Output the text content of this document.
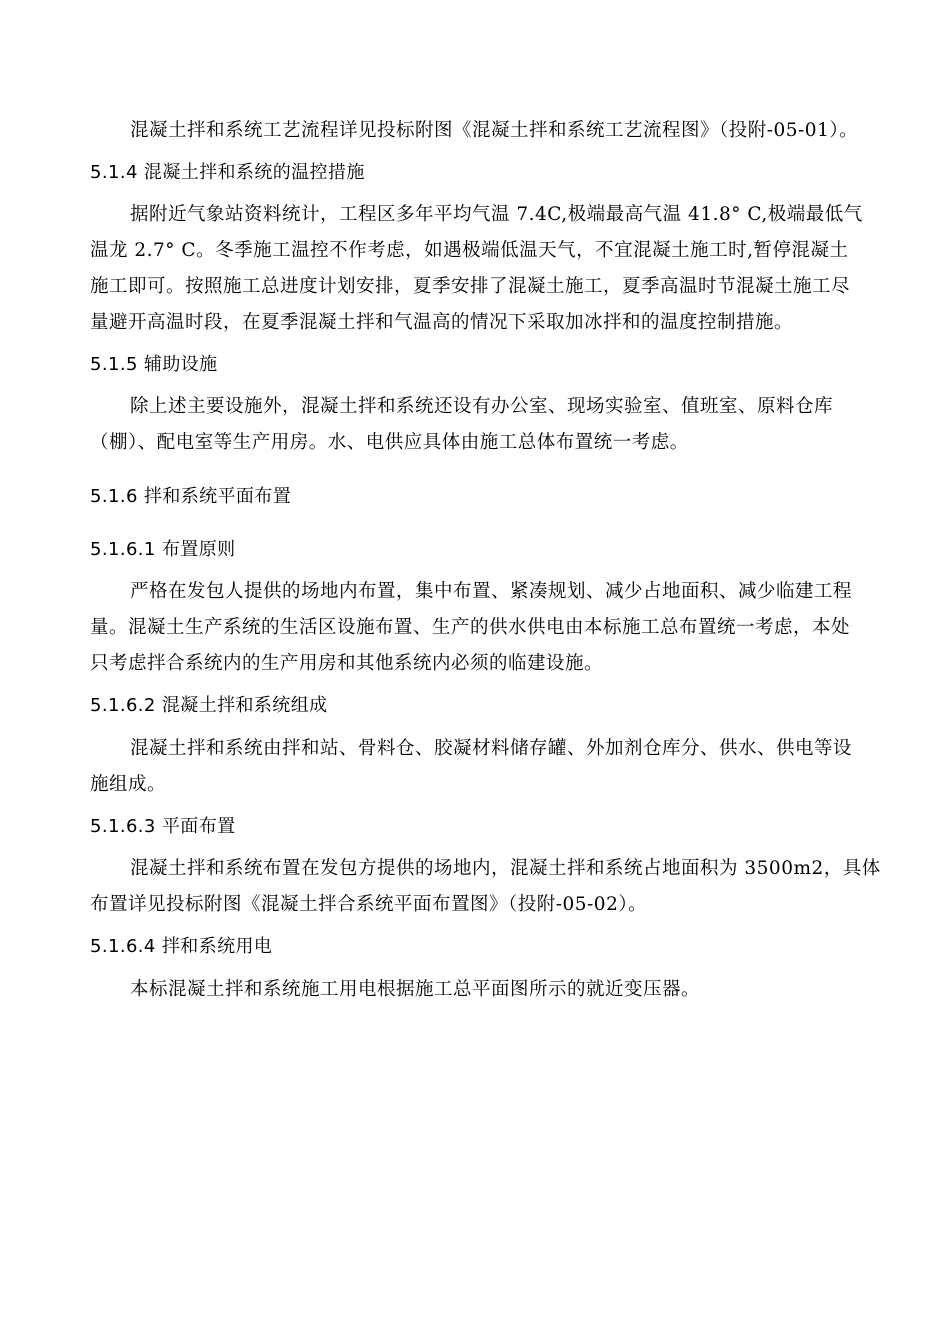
混凝土拌和系统工艺流程详见投标附图《混凝土拌和系统工艺流程图》（投附-05-01）。
5.1.4 混凝土拌和系统的温控措施
据附近气象站资料统计，工程区多年平均气温 7.4C,极端最高气温 41.8° C,极端最低气
温龙 2.7° C。冬季施工温控不作考虑，如遇极端低温天气，不宜混凝土施工时,暂停混凝土
施工即可。按照施工总进度计划安排，夏季安排了混凝土施工，夏季高温时节混凝土施工尽
量避开高温时段，在夏季混凝土拌和气温高的情况下采取加冰拌和的温度控制措施。
5.1.5 辅助设施
除上述主要设施外，混凝土拌和系统还设有办公室、现场实验室、值班室、原料仓库
（棚）、配电室等生产用房。水、电供应具体由施工总体布置统一考虑。
5.1.6 拌和系统平面布置
5.1.6.1 布置原则
严格在发包人提供的场地内布置，集中布置、紧凑规划、减少占地面积、减少临建工程
量。混凝土生产系统的生活区设施布置、生产的供水供电由本标施工总布置统一考虑，本处
只考虑拌合系统内的生产用房和其他系统内必须的临建设施。
5.1.6.2 混凝土拌和系统组成
混凝土拌和系统由拌和站、骨料仓、胶凝材料储存罐、外加剂仓库分、供水、供电等设
施组成。
5.1.6.3 平面布置
混凝土拌和系统布置在发包方提供的场地内，混凝土拌和系统占地面积为 3500m2，具体
布置详见投标附图《混凝土拌合系统平面布置图》（投附-05-02）。
5.1.6.4 拌和系统用电
本标混凝土拌和系统施工用电根据施工总平面图所示的就近变压器。
